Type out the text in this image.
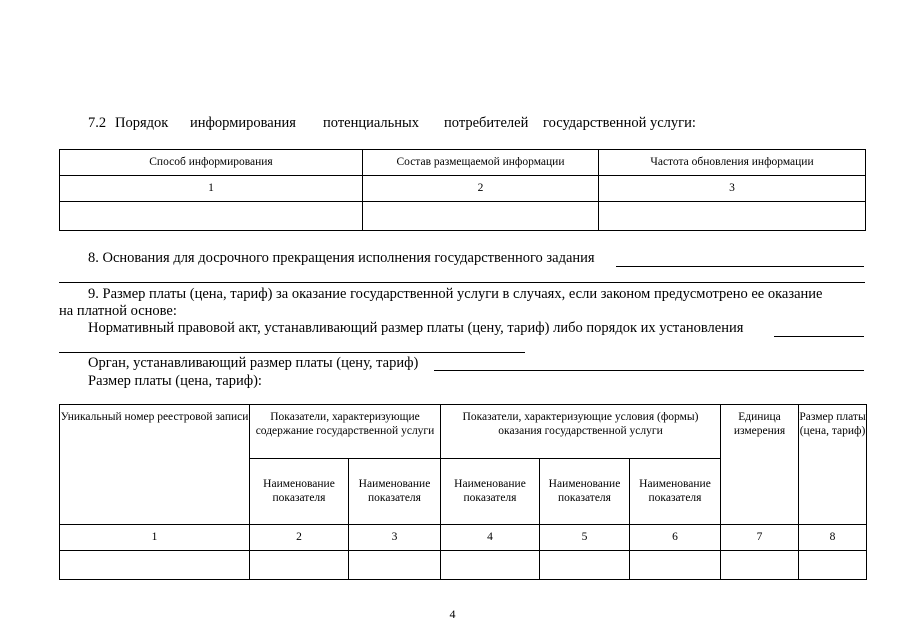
7.2 Порядок информирования потенциальных потребителей государственной услуги:
Способ информирования	Состав размещаемой информации	Частота обновления информации
1	2	3

8. Основания для досрочного прекращения исполнения государственного задания
9. Размер платы (цена, тариф) за оказание государственной услуги в случаях, если законом предусмотрено ее оказание
на платной основе:
Нормативный правовой акт, устанавливающий размер платы (цену, тариф) либо порядок их установления
Орган, устанавливающий размер платы (цену, тариф)
Размер платы (цена, тариф):
Уникальный номер реестровой записи	Показатели, характеризующие содержание государственной услуги		Показатели, характеризующие условия (формы) оказания государственной услуги			Единица измерения	Размер платы (цена, тариф)
	Наименование показателя	Наименование показателя	Наименование показателя	Наименование показателя	Наименование показателя		
1	2	3	4	5	6	7	8

4
